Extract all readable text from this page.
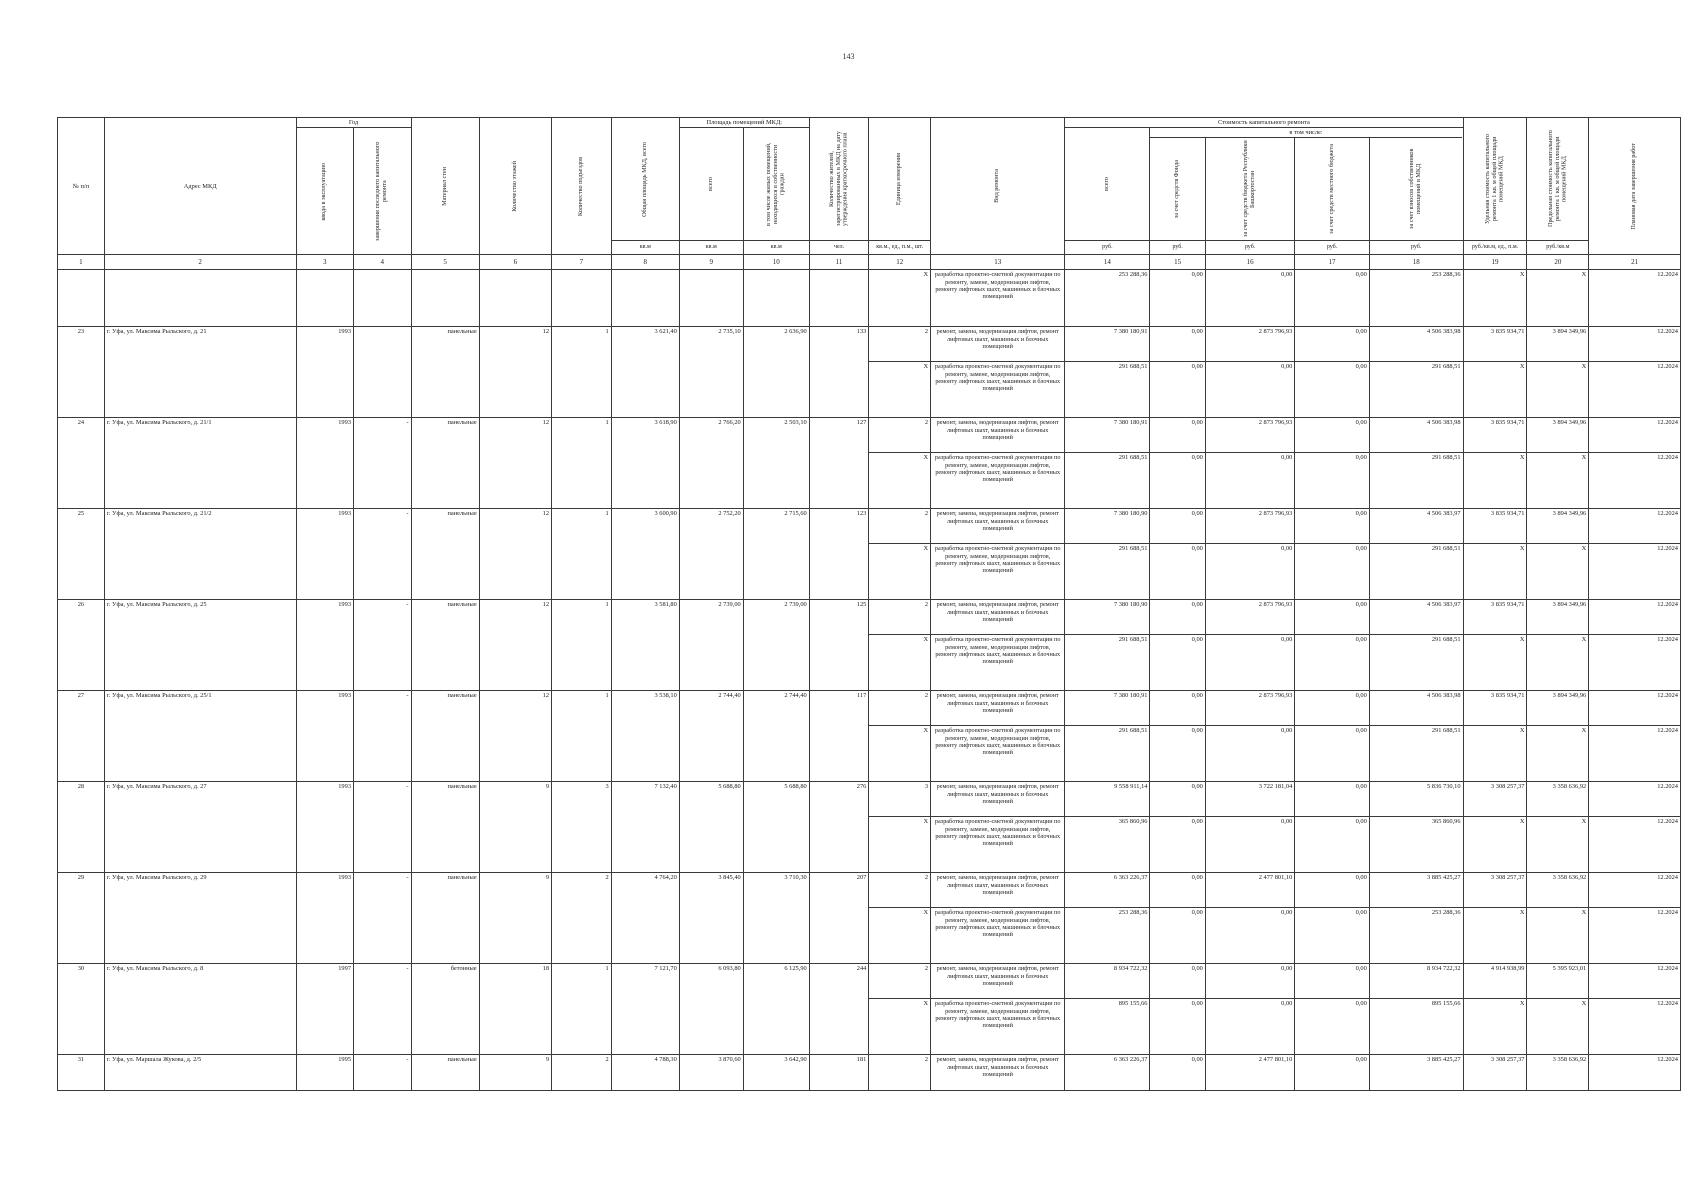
143
№ п/п	Адрес МКД	Год		Материал стен	Количество этажей	Количество подъездов	Общая площадь МКД, всего	Площадь помещений МКД:		Количество жителей, зарегистрированных в МКД на дату утверждения краткосрочного плана	Единица измерения	Вид ремонта	Стоимость капитального ремонта					Удельная стоимость капитального ремонта 1 кв. м общей площади помещений МКД	Предельная стоимость капитального ремонта 1 кв. м общей площади помещений МКД	Плановая дата завершения работ

		ввода в эксплуатацию	завершения последнего капитального ремонта					всего	в том числе жилых помещений, находящихся в собственности граждан				всего	за счет средств Фонда	за счет средств бюджета Республики Башкортостан	за счет средств местного бюджета	за счет взносов собственников помещений в МКД			

							кв.м	кв.м	кв.м	чел.	кв.м., ед., п.м., шт.		руб.	руб.	руб.	руб.	руб.	руб./кв.м, ед., п.м.	руб./кв.м	
1	2	3	4	5	6	7	8	9	10	11	12	13	14	15	16	17	18	19	20	21
											X	разработка проектно-сметной документации по ремонту, замене, модернизации лифтов, ремонту лифтовых шахт, машинных и блочных помещений	253 288,36	0,00	0,00	0,00	253 288,36	X	X	12.2024
23	г. Уфа, ул. Максима Рыльского, д. 21	1993		панельные	12	1	3 621,40	2 735,10	2 636,90	133	2	ремонт, замена, модернизация лифтов, ремонт лифтовых шахт, машинных и блочных помещений	7 380 180,91	0,00	2 873 796,93	0,00	4 506 383,98	3 835 934,71	3 894 349,96	12.2024
											X	разработка проектно-сметной документации по ремонту, замене, модернизации лифтов, ремонту лифтовых шахт, машинных и блочных помещений	291 688,51	0,00	0,00	0,00	291 688,51	X	X	12.2024
24	г. Уфа, ул. Максима Рыльского, д. 21/1	1993	-	панельные	12	1	3 618,90	2 766,20	2 503,10	127	2	ремонт, замена, модернизация лифтов, ремонт лифтовых шахт, машинных и блочных помещений	7 380 180,91	0,00	2 873 796,93	0,00	4 506 383,98	3 835 934,71	3 894 349,96	12.2024
											X	разработка проектно-сметной документации по ремонту, замене, модернизации лифтов, ремонту лифтовых шахт, машинных и блочных помещений	291 688,51	0,00	0,00	0,00	291 688,51	X	X	12.2024
25	г. Уфа, ул. Максима Рыльского, д. 21/2	1993	-	панельные	12	1	3 600,90	2 752,20	2 715,60	123	2	ремонт, замена, модернизация лифтов, ремонт лифтовых шахт, машинных и блочных помещений	7 380 180,90	0,00	2 873 796,93	0,00	4 506 383,97	3 835 934,71	3 894 349,96	12.2024
											X	разработка проектно-сметной документации по ремонту, замене, модернизации лифтов, ремонту лифтовых шахт, машинных и блочных помещений	291 688,51	0,00	0,00	0,00	291 688,51	X	X	12.2024
26	г. Уфа, ул. Максима Рыльского, д. 25	1993	-	панельные	12	1	3 581,80	2 739,00	2 739,00	125	2	ремонт, замена, модернизация лифтов, ремонт лифтовых шахт, машинных и блочных помещений	7 380 180,90	0,00	2 873 796,93	0,00	4 506 383,97	3 835 934,71	3 894 349,96	12.2024
											X	разработка проектно-сметной документации по ремонту, замене, модернизации лифтов, ремонту лифтовых шахт, машинных и блочных помещений	291 688,51	0,00	0,00	0,00	291 688,51	X	X	12.2024
27	г. Уфа, ул. Максима Рыльского, д. 25/1	1993	-	панельные	12	1	3 538,10	2 744,40	2 744,40	117	2	ремонт, замена, модернизация лифтов, ремонт лифтовых шахт, машинных и блочных помещений	7 380 180,91	0,00	2 873 796,93	0,00	4 506 383,98	3 835 934,71	3 894 349,96	12.2024
											X	разработка проектно-сметной документации по ремонту, замене, модернизации лифтов, ремонту лифтовых шахт, машинных и блочных помещений	291 688,51	0,00	0,00	0,00	291 688,51	X	X	12.2024
28	г. Уфа, ул. Максима Рыльского, д. 27	1993	-	панельные	9	3	7 132,40	5 688,80	5 688,80	276	3	ремонт, замена, модернизация лифтов, ремонт лифтовых шахт, машинных и блочных помещений	9 558 911,14	0,00	3 722 181,04	0,00	5 836 730,10	3 308 257,37	3 358 636,92	12.2024
											X	разработка проектно-сметной документации по ремонту, замене, модернизации лифтов, ремонту лифтовых шахт, машинных и блочных помещений	365 860,96	0,00	0,00	0,00	365 860,96	X	X	12.2024
29	г. Уфа, ул. Максима Рыльского, д. 29	1993	-	панельные	9	2	4 764,20	3 845,40	3 710,30	207	2	ремонт, замена, модернизация лифтов, ремонт лифтовых шахт, машинных и блочных помещений	6 363 226,37	0,00	2 477 801,10	0,00	3 885 425,27	3 308 257,37	3 358 636,92	12.2024
											X	разработка проектно-сметной документации по ремонту, замене, модернизации лифтов, ремонту лифтовых шахт, машинных и блочных помещений	253 288,36	0,00	0,00	0,00	253 288,36	X	X	12.2024
30	г. Уфа, ул. Максима Рыльского, д. 8	1997	-	бетонные	18	1	7 121,70	6 093,80	6 125,90	244	2	ремонт, замена, модернизация лифтов, ремонт лифтовых шахт, машинных и блочных помещений	8 934 722,32	0,00	0,00	0,00	8 934 722,32	4 914 938,99	5 395 923,01	12.2024
											X	разработка проектно-сметной документации по ремонту, замене, модернизации лифтов, ремонту лифтовых шахт, машинных и блочных помещений	895 155,66	0,00	0,00	0,00	895 155,66	X	X	12.2024
31	г. Уфа, ул. Маршала Жукова, д. 2/5	1995	-	панельные	9	2	4 788,30	3 870,60	3 642,90	181	2	ремонт, замена, модернизация лифтов, ремонт лифтовых шахт, машинных и блочных помещений	6 363 226,37	0,00	2 477 801,10	0,00	3 885 425,27	3 308 257,37	3 358 636,92	12.2024
в том числе:
